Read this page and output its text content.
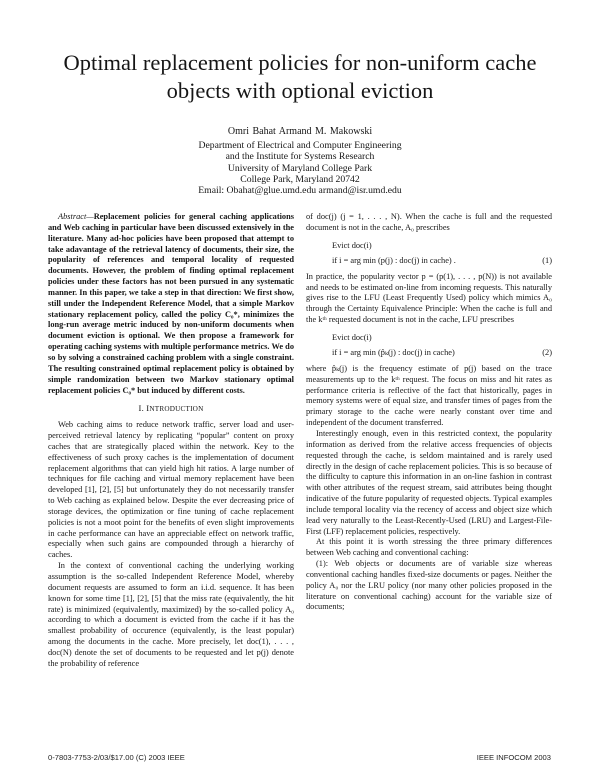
Optimal replacement policies for non-uniform cache
objects with optional eviction
Omri Bahat Armand M. Makowski
Department of Electrical and Computer Engineering
and the Institute for Systems Research
University of Maryland College Park
College Park, Maryland 20742
Email: Obahat@glue.umd.edu armand@isr.umd.edu

Abstract—Replacement policies for general caching applications and Web caching in particular have been discussed extensively in the literature. Many ad-hoc policies have been proposed that attempt to take adavantage of the retrieval latency of documents, their size, the popularity of references and temporal locality of requested documents. However, the problem of finding optimal replacement policies under these factors has not been pursued in any systematic manner. In this paper, we take a step in that direction: We first show, still under the Independent Reference Model, that a simple Markov stationary replacement policy, called the policy C₀*, minimizes the long-run average metric induced by non-uniform documents when document eviction is optional. We then propose a framework for operating caching systems with multiple performance metrics. We do so by solving a constrained caching problem with a single constraint. The resulting constrained optimal replacement policy is obtained by simple randomization between two Markov stationary optimal replacement policies C₀* but induced by different costs.

I. INTRODUCTION

Web caching aims to reduce network traffic, server load and user-perceived retrieval latency by replicating “popular” content on proxy caches that are strategically placed within the network. Key to the effectiveness of such proxy caches is the implementation of document replacement algorithms that can yield high hit ratios. A large number of techniques for file caching and virtual memory replacement have been developed [1], [2], [5] but unfortunately they do not necessarily transfer to Web caching as explained below. Despite the ever decreasing price of storage devices, the optimization or fine tuning of cache replacement policies is not a moot point for the benefits of even slight improvements in cache performance can have an appreciable effect on network traffic, especially when such gains are compounded through a hierarchy of caches.

In the context of conventional caching the underlying working assumption is the so-called Independent Reference Model, whereby document requests are assumed to form an i.i.d. sequence. It has been known for some time [1], [2], [5] that the miss rate (equivalently, the hit rate) is minimized (equivalently, maximized) by the so-called policy A₀ according to which a document is evicted from the cache if it has the smallest probability of occurence (equivalently, is the least popular) among the documents in the cache. More precisely, let doc(1), . . . , doc(N) denote the set of documents to be requested and let p(j) denote the probability of reference

of doc(j) (j = 1, . . . , N). When the cache is full and the requested document is not in the cache, A₀ prescribes

Evict doc(i)
if i = arg min (p(j) : doc(j) in cache) .	(1)

In practice, the popularity vector p = (p(1), . . . , p(N)) is not available and needs to be estimated on-line from incoming requests. This naturally gives rise to the LFU (Least Frequently Used) policy which mimics A₀ through the Certainty Equivalence Principle: When the cache is full and the kᵗʰ requested document is not in the cache, LFU prescribes

Evict doc(i)
if i = arg min (p̂ₖ(j) : doc(j) in cache)	(2)

where p̂ₖ(j) is the frequency estimate of p(j) based on the trace measurements up to the kᵗʰ request. The focus on miss and hit rates as performance criteria is reflective of the fact that historically, pages in memory systems were of equal size, and transfer times of pages from the primary storage to the cache were nearly constant over time and independent of the document transferred.

Interestingly enough, even in this restricted context, the popularity information as derived from the relative access frequencies of objects requested through the cache, is seldom maintained and is rarely used directly in the design of cache replacement policies. This is so because of the difficulty to capture this information in an on-line fashion in contrast with other attributes of the request stream, said attributes being thought indicative of the future popularity of requested objects. Typical examples include temporal locality via the recency of access and object size which lead very naturally to the Least-Recently-Used (LRU) and Largest-File-First (LFF) replacement policies, respectively.

At this point it is worth stressing the three primary differences between Web caching and conventional caching:

(1): Web objects or documents are of variable size whereas conventional caching handles fixed-size documents or pages. Neither the policy A₀ nor the LRU policy (nor many other policies proposed in the literature on conventional caching) account for the variable size of documents;

0-7803-7753-2/03/$17.00 (C) 2003 IEEE	IEEE INFOCOM 2003
